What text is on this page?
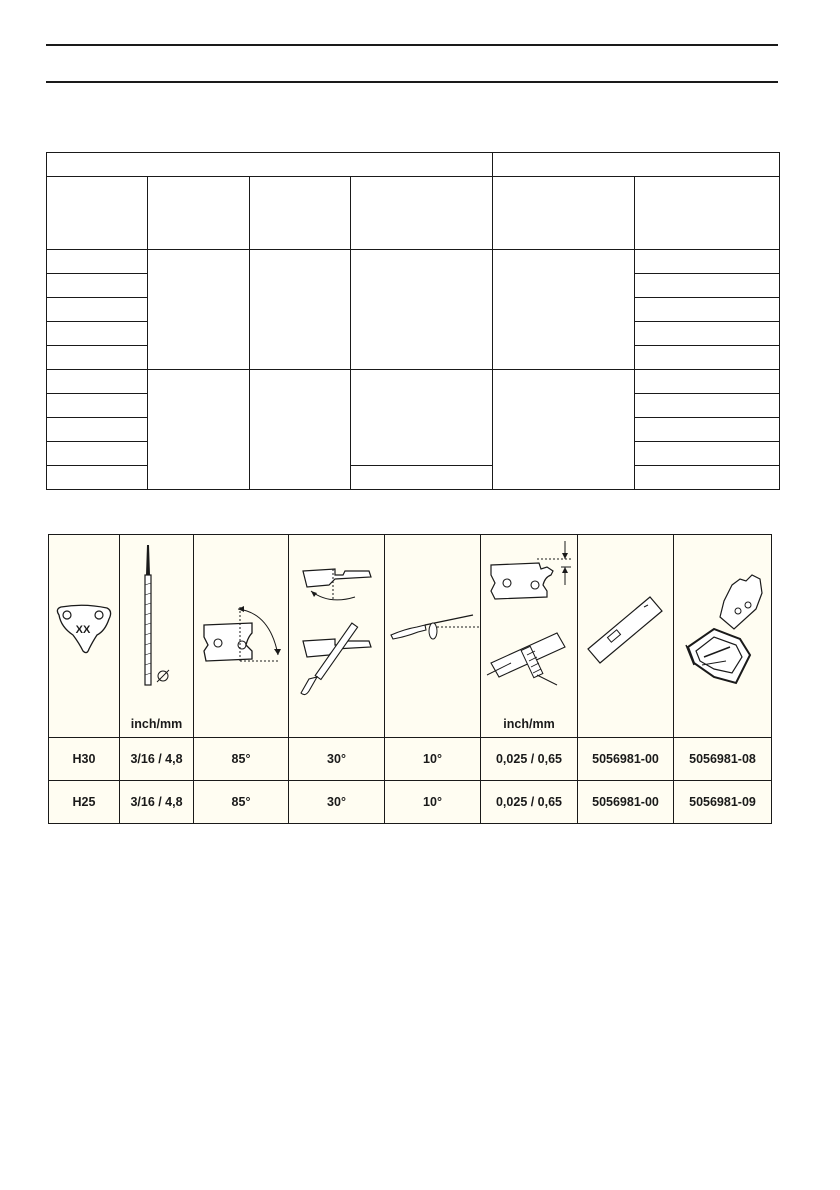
XX	inch/mm				inch/mm

H30	3/16 / 4,8	85°	30°	10°	0,025 / 0,65	5056981-00	5056981-08
H25	3/16 / 4,8	85°	30°	10°	0,025 / 0,65	5056981-00	5056981-09
